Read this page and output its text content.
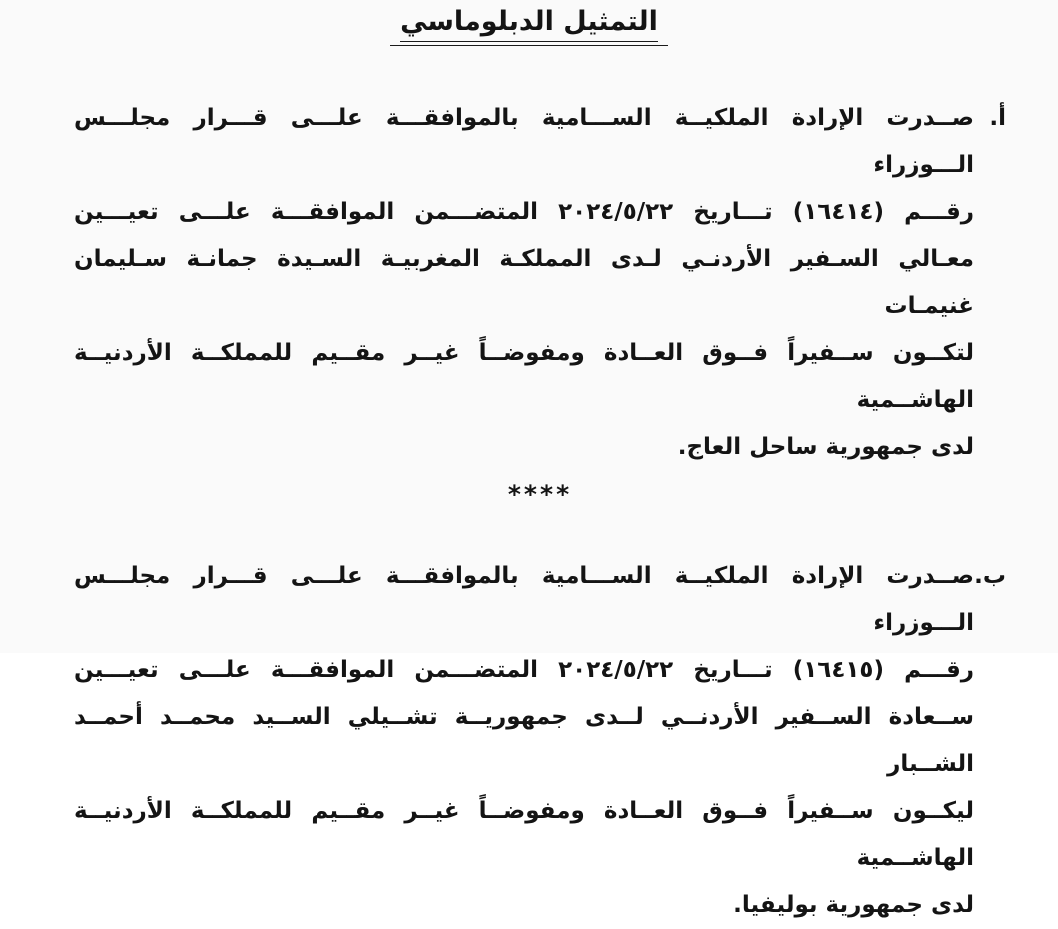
التمثيل الدبلوماسي
أ.
صــدرت الإرادة الملكيــة الســـامية بالموافقـــة علـــى قـــرار مجلـــس الـــوزراء
رقـــم (١٦٤١٤) تـــاريخ ٢٠٢٤/٥/٢٢ المتضـــمن الموافقـــة علـــى تعيـــين
معـالي السـفير الأردنـي لـدى المملكـة المغربيـة السـيدة جمانـة سـليمان غنيمـات
لتكــون ســفيراً فــوق العــادة ومفوضــاً غيــر مقــيم للمملكــة الأردنيــة الهاشــمية
لدى جمهورية ساحل العاج.
****
ب.
صــدرت الإرادة الملكيــة الســـامية بالموافقـــة علـــى قـــرار مجلـــس الـــوزراء
رقـــم (١٦٤١٥) تـــاريخ ٢٠٢٤/٥/٢٢ المتضـــمن الموافقـــة علـــى تعيـــين
ســعادة الســفير الأردنــي لــدى جمهوريــة تشــيلي الســيد محمــد أحمــد الشــبار
ليكــون ســفيراً فــوق العــادة ومفوضــاً غيــر مقــيم للمملكــة الأردنيــة الهاشــمية
لدى جمهورية بوليفيا.
